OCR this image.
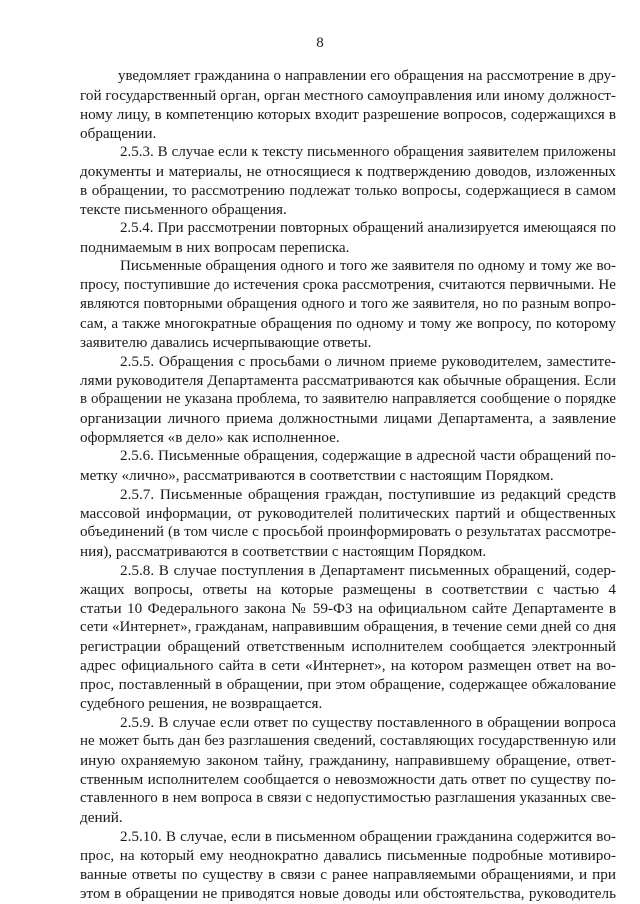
8
уведомляет гражданина о направлении его обращения на рассмотрение в дру-
гой государственный орган, орган местного самоуправления или иному должност-
ному лицу, в компетенцию которых входит разрешение вопросов, содержащихся в
обращении.
2.5.3. В случае если к тексту письменного обращения заявителем приложены
документы и материалы, не относящиеся к подтверждению доводов, изложенных
в обращении, то рассмотрению подлежат только вопросы, содержащиеся в самом
тексте письменного обращения.
2.5.4. При рассмотрении повторных обращений анализируется имеющаяся по
поднимаемым в них вопросам переписка.
Письменные обращения одного и того же заявителя по одному и тому же во-
просу, поступившие до истечения срока рассмотрения, считаются первичными. Не
являются повторными обращения одного и того же заявителя, но по разным вопро-
сам, а также многократные обращения по одному и тому же вопросу, по которому
заявителю давались исчерпывающие ответы.
2.5.5. Обращения с просьбами о личном приеме руководителем, заместите-
лями руководителя Департамента рассматриваются как обычные обращения. Если
в обращении не указана проблема, то заявителю направляется сообщение о порядке
организации личного приема должностными лицами Департамента, а заявление
оформляется «в дело» как исполненное.
2.5.6. Письменные обращения, содержащие в адресной части обращений по-
метку «лично», рассматриваются в соответствии с настоящим Порядком.
2.5.7. Письменные обращения граждан, поступившие из редакций средств
массовой информации, от руководителей политических партий и общественных
объединений (в том числе с просьбой проинформировать о результатах рассмотре-
ния), рассматриваются в соответствии с настоящим Порядком.
2.5.8. В случае поступления в Департамент письменных обращений, содер-
жащих вопросы, ответы на которые размещены в соответствии с частью 4
статьи 10 Федерального закона № 59-ФЗ на официальном сайте Департаменте в
сети «Интернет», гражданам, направившим обращения, в течение семи дней со дня
регистрации обращений ответственным исполнителем сообщается электронный
адрес официального сайта в сети «Интернет», на котором размещен ответ на во-
прос, поставленный в обращении, при этом обращение, содержащее обжалование
судебного решения, не возвращается.
2.5.9. В случае если ответ по существу поставленного в обращении вопроса
не может быть дан без разглашения сведений, составляющих государственную или
иную охраняемую законом тайну, гражданину, направившему обращение, ответ-
ственным исполнителем сообщается о невозможности дать ответ по существу по-
ставленного в нем вопроса в связи с недопустимостью разглашения указанных све-
дений.
2.5.10. В случае, если в письменном обращении гражданина содержится во-
прос, на который ему неоднократно давались письменные подробные мотивиро-
ванные ответы по существу в связи с ранее направляемыми обращениями, и при
этом в обращении не приводятся новые доводы или обстоятельства, руководитель
